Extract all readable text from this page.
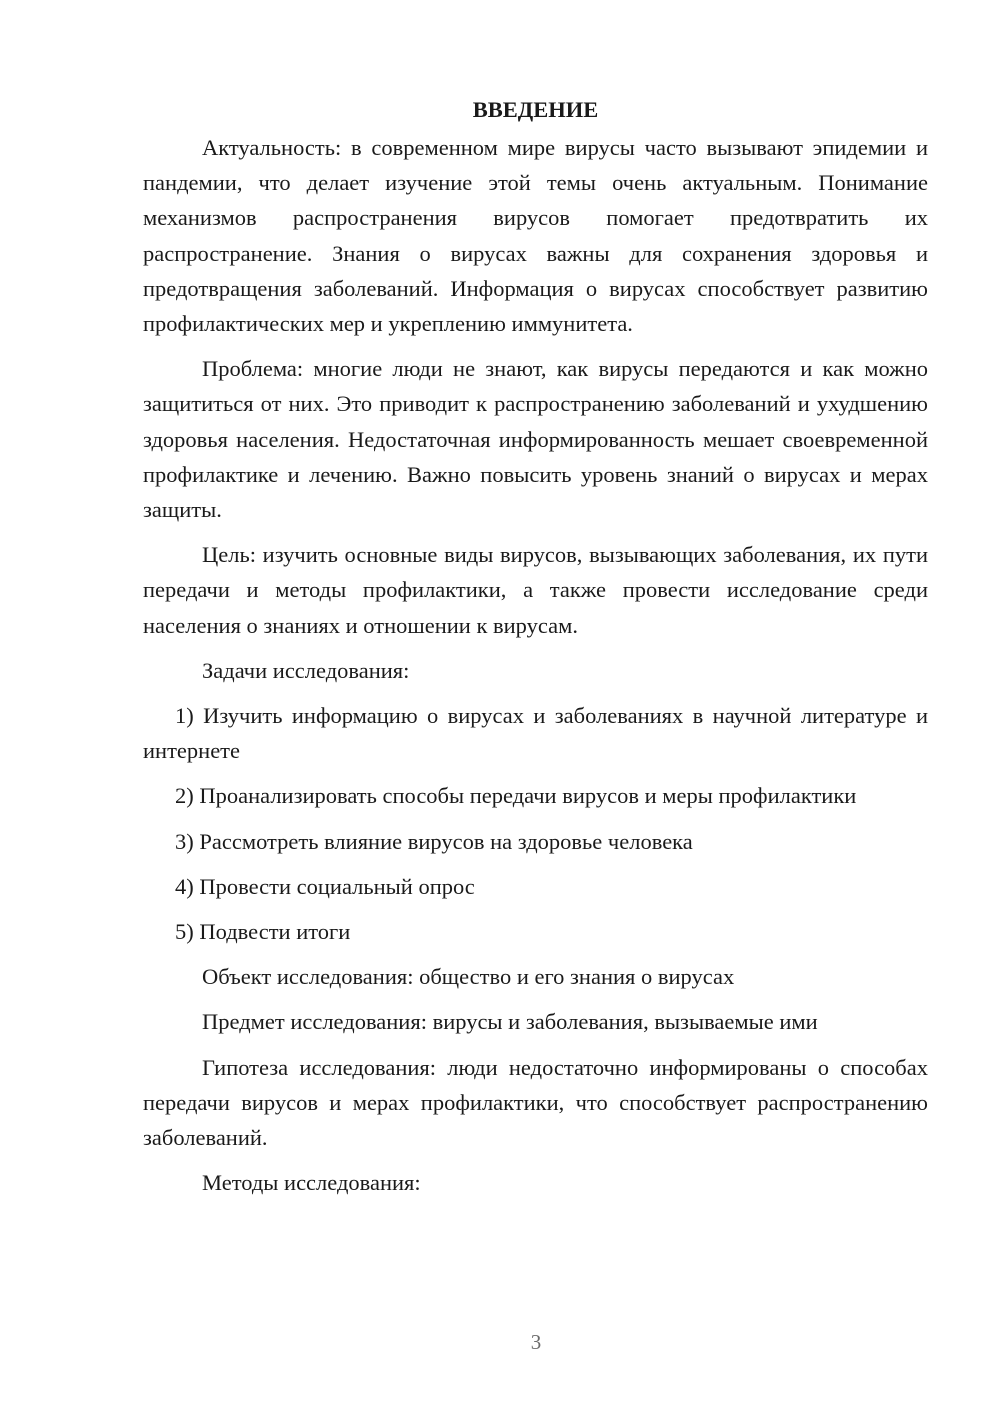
ВВЕДЕНИЕ

Актуальность: в современном мире вирусы часто вызывают эпидемии и пандемии, что делает изучение этой темы очень актуальным. Понимание механизмов распространения вирусов помогает предотвратить их распространение. Знания о вирусах важны для сохранения здоровья и предотвращения заболеваний. Информация о вирусах способствует развитию профилактических мер и укреплению иммунитета.

Проблема: многие люди не знают, как вирусы передаются и как можно защититься от них. Это приводит к распространению заболеваний и ухудшению здоровья населения. Недостаточная информированность мешает своевременной профилактике и лечению. Важно повысить уровень знаний о вирусах и мерах защиты.

Цель: изучить основные виды вирусов, вызывающих заболевания, их пути передачи и методы профилактики, а также провести исследование среди населения о знаниях и отношении к вирусам.

Задачи исследования:

1) Изучить информацию о вирусах и заболеваниях в научной литературе и интернете

2) Проанализировать способы передачи вирусов и меры профилактики

3) Рассмотреть влияние вирусов на здоровье человека

4) Провести социальный опрос

5) Подвести итоги

Объект исследования: общество и его знания о вирусах

Предмет исследования: вирусы и заболевания, вызываемые ими

Гипотеза исследования: люди недостаточно информированы о способах передачи вирусов и мерах профилактики, что способствует распространению заболеваний.

Методы исследования:

3
